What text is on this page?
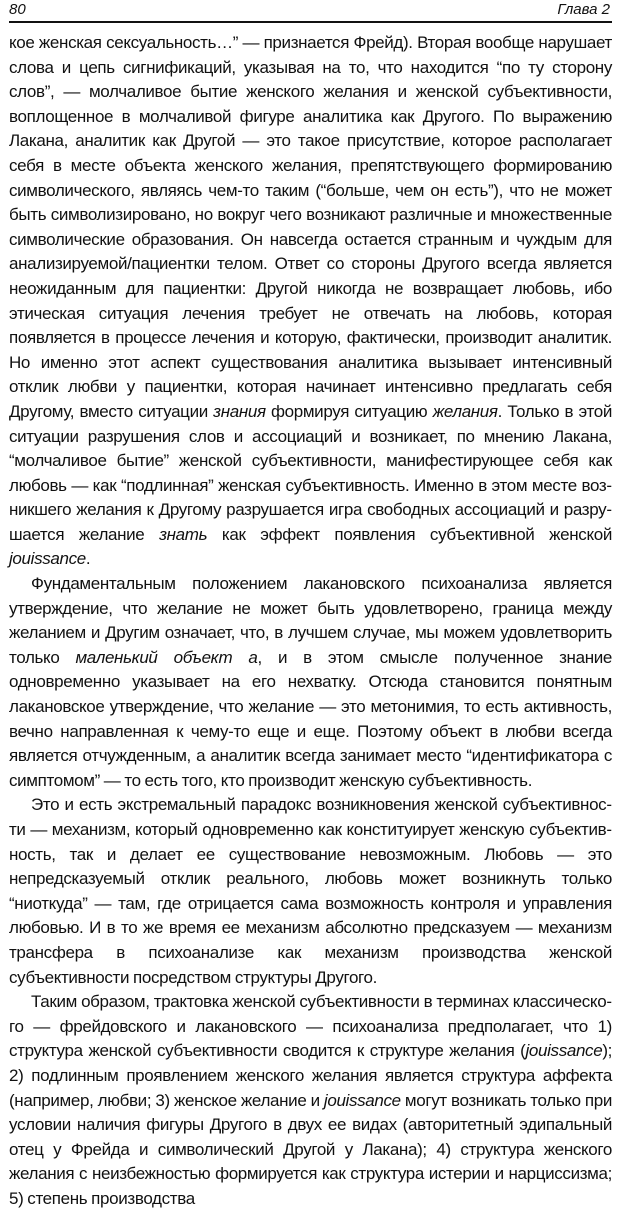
80	Глава 2

кое женская сексуальность…” — признается Фрейд). Вторая вообще нарушает слова и цепь сигнификаций, указывая на то, что находится “по ту сторону слов”, — молчаливое бытие женского желания и женской субъективности, воплощенное в молчаливой фигуре аналитика как Другого. По выражению Лакана, аналитик как Другой — это такое присутствие, которое располагает себя в месте объекта женского желания, препятствующего формированию символического, являясь чем-то таким (“больше, чем он есть”), что не может быть символизировано, но вокруг чего возникают различные и множественные символические образования. Он навсегда остается странным и чуждым для анализируемой/пациентки телом. Ответ со стороны Другого всегда является неожиданным для пациентки: Другой никогда не возвращает любовь, ибо этическая ситуация лечения требует не отвечать на любовь, которая появляется в процессе лечения и которую, фактически, производит аналитик. Но именно этот аспект существования аналитика вызывает интенсивный отклик любви у пациентки, которая начинает интенсивно предлагать себя Другому, вместо ситуации знания формируя ситуацию желания. Только в этой ситуации разрушения слов и ассоциаций и возникает, по мнению Лакана, “молчаливое бытие” женской субъективности, манифестирующее себя как любовь — как “подлинная” женская субъективность. Именно в этом месте возникшего желания к Другому разрушается игра свободных ассоциаций и разрушается желание знать как эффект появления субъективной женской jouissance.

Фундаментальным положением лакановского психоанализа является утверждение, что желание не может быть удовлетворено, граница между желанием и Другим означает, что, в лучшем случае, мы можем удовлетворить только маленький объект а, и в этом смысле полученное знание одновременно указывает на его нехватку. Отсюда становится понятным лакановское утверждение, что желание — это метонимия, то есть активность, вечно направленная к чему-то еще и еще. Поэтому объект в любви всегда является отчужденным, а аналитик всегда занимает место “идентификатора с симптомом” — то есть того, кто производит женскую субъективность.

Это и есть экстремальный парадокс возникновения женской субъективности — механизм, который одновременно как конституирует женскую субъективность, так и делает ее существование невозможным. Любовь — это непредсказуемый отклик реального, любовь может возникнуть только “ниоткуда” — там, где отрицается сама возможность контроля и управления любовью. И в то же время ее механизм абсолютно предсказуем — механизм трансфера в психоанализе как механизм производства женской субъективности посредством структуры Другого.

Таким образом, трактовка женской субъективности в терминах классического — фрейдовского и лакановского — психоанализа предполагает, что 1) структура женской субъективности сводится к структуре желания (jouissance); 2) подлинным проявлением женского желания является структура аффекта (например, любви; 3) женское желание и jouissance могут возникать только при условии наличия фигуры Другого в двух ее видах (авторитетный эдипальный отец у Фрейда и символический Другой у Лакана); 4) структура женского желания с неизбежностью формируется как структура истерии и нарциссизма; 5) степень производства
